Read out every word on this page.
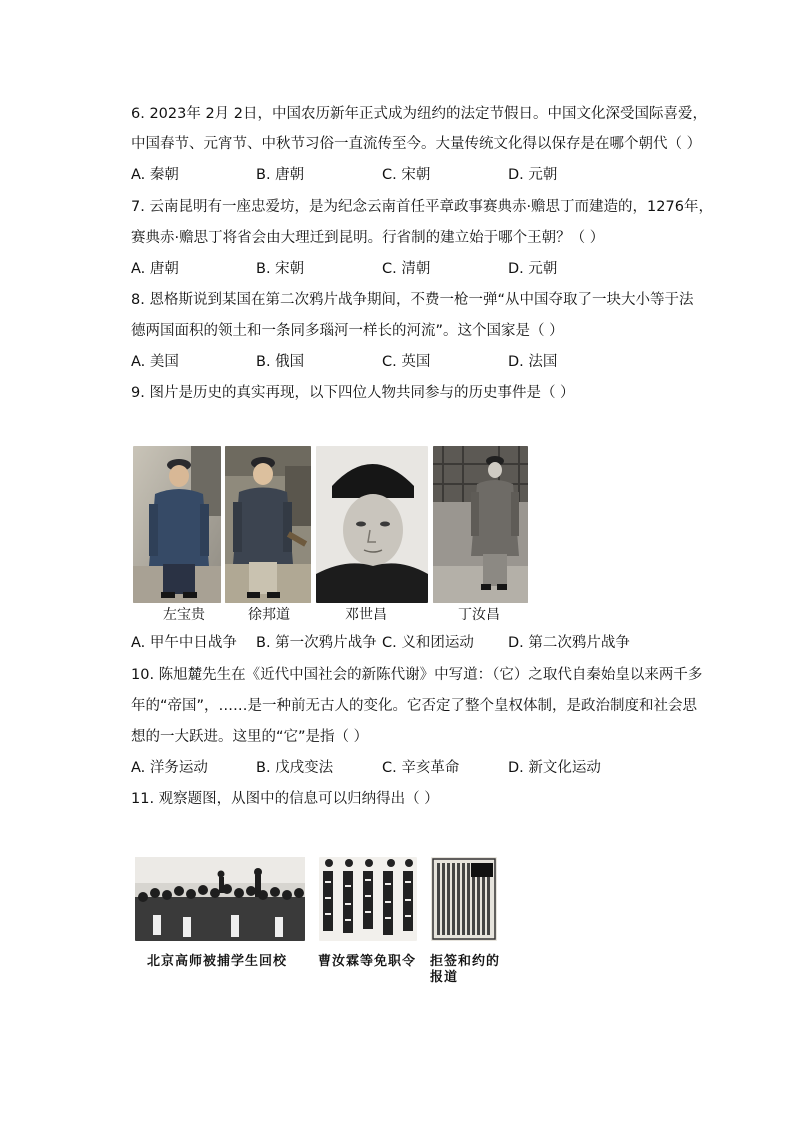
6. 2023年 2月 2日，中国农历新年正式成为纽约的法定节假日。中国文化深受国际喜爱，
中国春节、元宵节、中秋节习俗一直流传至今。大量传统文化得以保存是在哪个朝代（ ）
A. 秦朝	B. 唐朝	C. 宋朝	D. 元朝
7. 云南昆明有一座忠爱坊，是为纪念云南首任平章政事赛典赤·赡思丁而建造的，1276年，
赛典赤·赡思丁将省会由大理迁到昆明。行省制的建立始于哪个王朝？（ ）
A. 唐朝	B. 宋朝	C. 清朝	D. 元朝
8. 恩格斯说到某国在第二次鸦片战争期间，不费一枪一弹“从中国夺取了一块大小等于法
德两国面积的领土和一条同多瑙河一样长的河流”。这个国家是（ ）
A. 美国	B. 俄国	C. 英国	D. 法国
9. 图片是历史的真实再现，以下四位人物共同参与的历史事件是（ ）
左宝贵	徐邦道	邓世昌	丁汝昌
A. 甲午中日战争 B. 第一次鸦片战争 C. 义和团运动 D. 第二次鸦片战争
10. 陈旭麓先生在《近代中国社会的新陈代谢》中写道：（它）之取代自秦始皇以来两千多
年的“帝国”，……是一种前无古人的变化。它否定了整个皇权体制，是政治制度和社会思
想的一大跃进。这里的“它”是指（ ）
A. 洋务运动	B. 戊戌变法	C. 辛亥革命	D. 新文化运动
11. 观察题图，从图中的信息可以归纳得出（ ）
北京高师被捕学生回校 曹汝霖等免职令 拒签和约的
报道
